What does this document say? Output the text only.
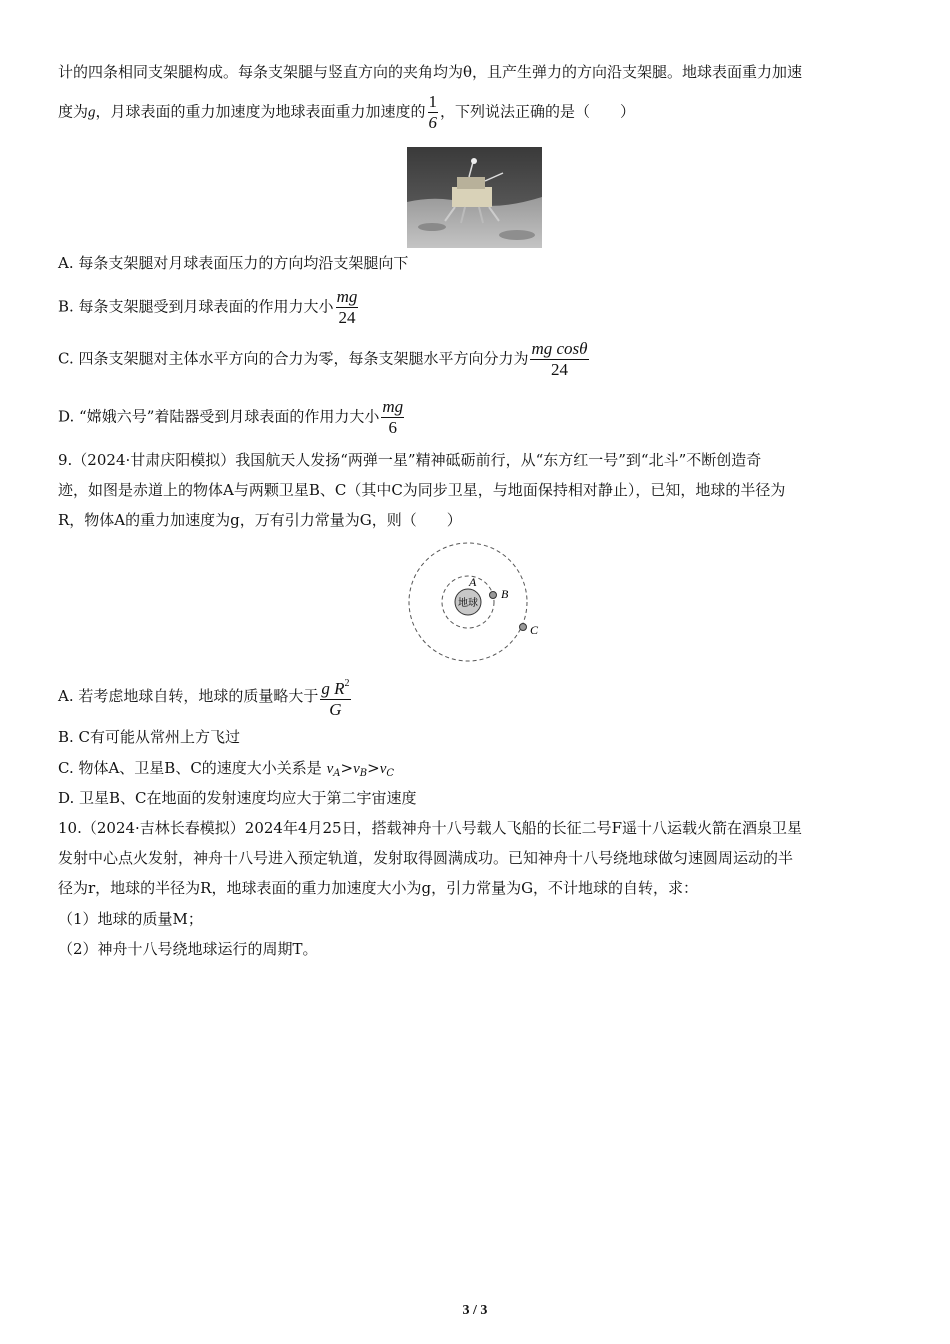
计的四条相同支架腿构成。每条支架腿与竖直方向的夹角均为θ，且产生弹力的方向沿支架腿。地球表面重力加速
度为g，月球表面的重力加速度为地球表面重力加速度的 $\frac{1}{6}$ ，下列说法正确的是（　　）
A. 每条支架腿对月球表面压力的方向均沿支架腿向下
B. 每条支架腿受到月球表面的作用力大小 $\frac{mg}{24}$
C. 四条支架腿对主体水平方向的合力为零，每条支架腿水平方向分力为 $\frac{\text{mg cosθ}}{24}$
D. “嫦娥六号”着陆器受到月球表面的作用力大小 $\frac{mg}{6}$
9.（2024·甘肃庆阳模拟）我国航天人发扬“两弹一星”精神砥砺前行，从“东方红一号”到“北斗”不断创造奇
迹，如图是赤道上的物体A与两颗卫星B、C（其中C为同步卫星，与地面保持相对静止），已知，地球的半径为
R，物体A的重力加速度为g，万有引力常量为G，则（　　）
地球
A
B
C
A. 若考虑地球自转，地球的质量略大于 $\frac{g R^2}{G}$
B. C有可能从常州上方飞过
C. 物体A、卫星B、C的速度大小关系是 $v_A>v_B>v_C$
D. 卫星B、C在地面的发射速度均应大于第二宇宙速度
10.（2024·吉林长春模拟）2024年4月25日，搭载神舟十八号载人飞船的长征二号F遥十八运载火箭在酒泉卫星
发射中心点火发射，神舟十八号进入预定轨道，发射取得圆满成功。已知神舟十八号绕地球做匀速圆周运动的半
径为r，地球的半径为R，地球表面的重力加速度大小为g，引力常量为G，不计地球的自转，求：
（1）地球的质量M；
（2）神舟十八号绕地球运行的周期T。
3 / 3
